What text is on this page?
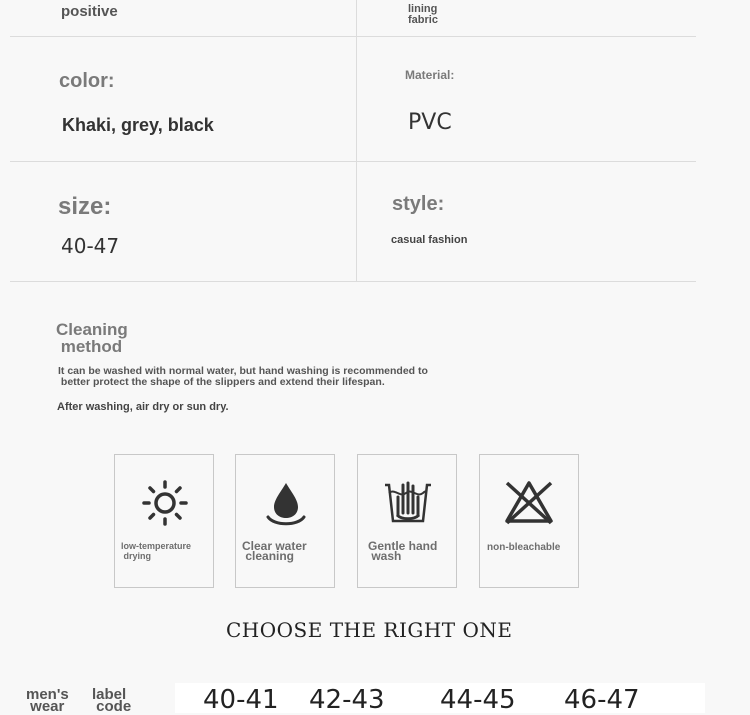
positive	lining
fabric
color:
Khaki, grey, black
Material:
PVC
size:
40-47
style:
casual fashion
Cleaning
method
It can be washed with normal water, but hand washing is recommended to
better protect the shape of the slippers and extend their lifespan.
After washing, air dry or sun dry.
low-temperature
drying
Clear water
cleaning
Gentle hand
wash
non-bleachable
CHOOSE THE RIGHT ONE
men's
wear
label
code	40-41 42-43 44-45 46-47
